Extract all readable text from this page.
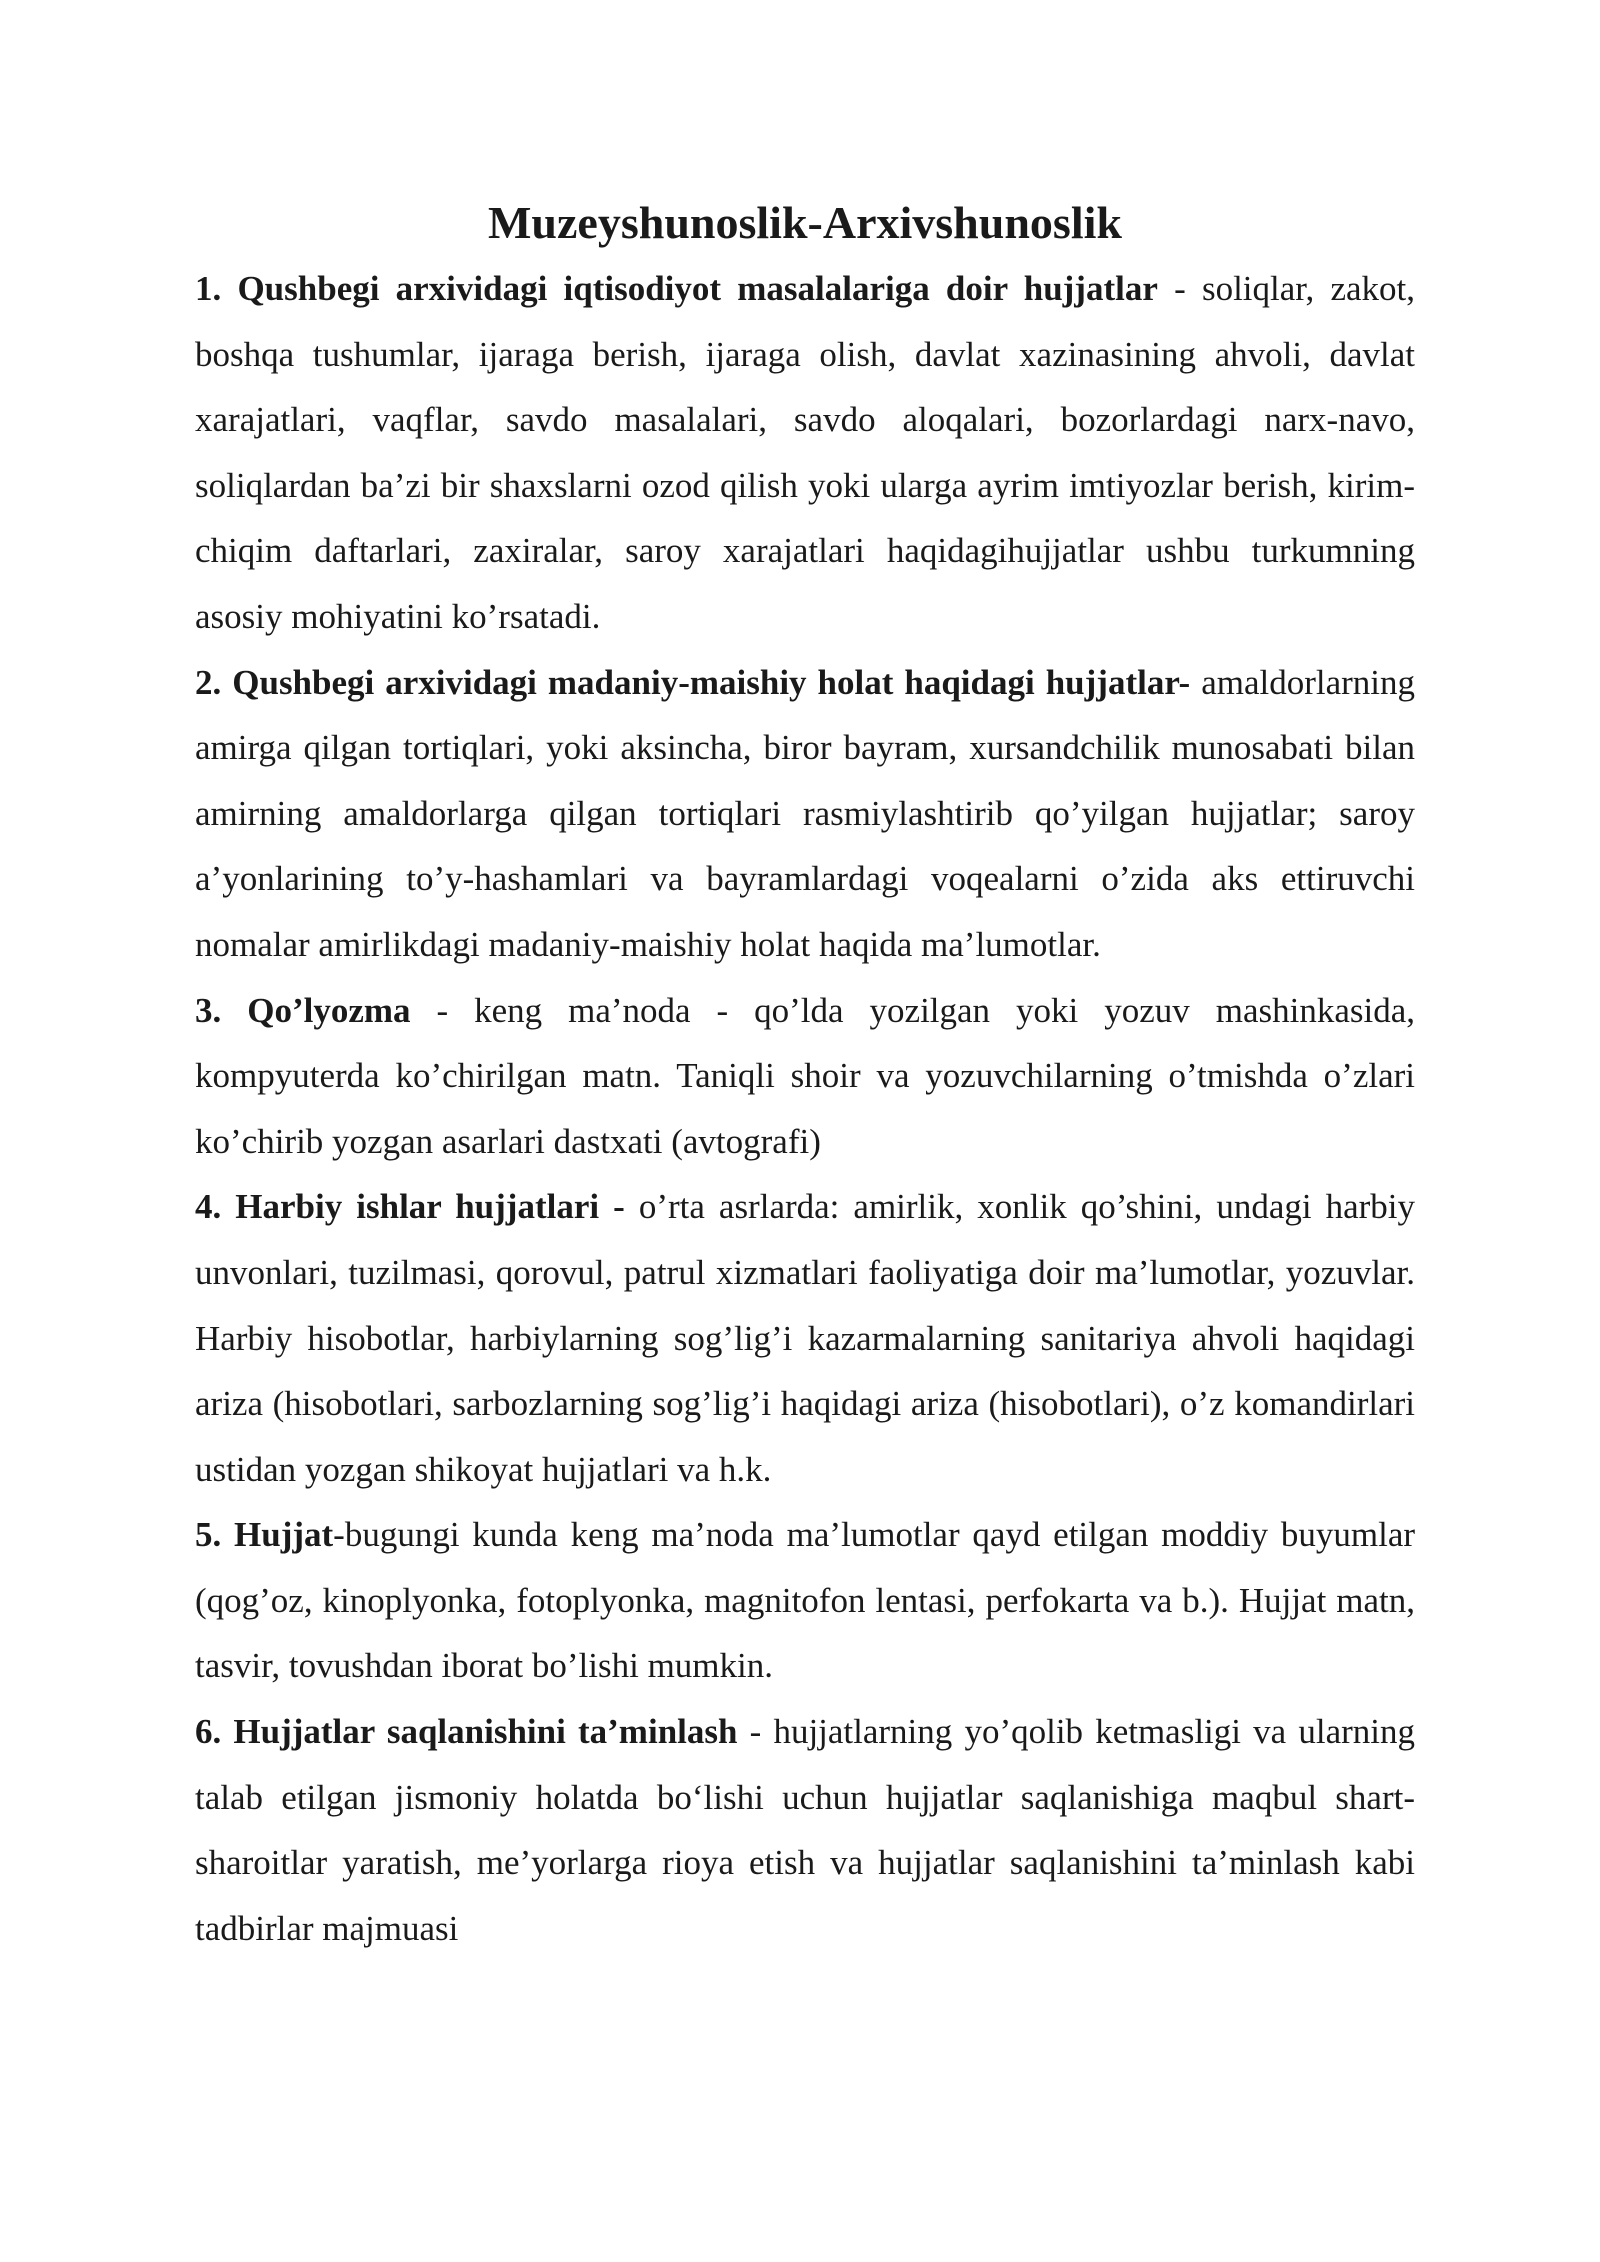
Muzeyshunoslik-Arxivshunoslik

1. Qushbegi arxividagi iqtisodiyot masalalariga doir hujjatlar - soliqlar, zakot, boshqa tushumlar, ijaraga berish, ijaraga olish, davlat xazinasining ahvoli, davlat xarajatlari, vaqflar, savdo masalalari, savdo aloqalari, bozorlardagi narx-navo, soliqlardan ba’zi bir shaxslarni ozod qilish yoki ularga ayrim imtiyozlar berish, kirim-chiqim daftarlari, zaxiralar, saroy xarajatlari haqidagihujjatlar ushbu turkumning asosiy mohiyatini ko’rsatadi.

2. Qushbegi arxividagi madaniy-maishiy holat haqidagi hujjatlar- amaldorlarning amirga qilgan tortiqlari, yoki aksincha, biror bayram, xursandchilik munosabati bilan amirning amaldorlarga qilgan tortiqlari rasmiylashtirib qo’yilgan hujjatlar; saroy a’yonlarining to’y-hashamlari va bayramlardagi voqealarni o’zida aks ettiruvchi nomalar amirlikdagi madaniy-maishiy holat haqida ma’lumotlar.

3. Qo’lyozma - keng ma’noda - qo’lda yozilgan yoki yozuv mashinkasida, kompyuterda ko’chirilgan matn. Taniqli shoir va yozuvchilarning o’tmishda o’zlari ko’chirib yozgan asarlari dastxati (avtografi)

4. Harbiy ishlar hujjatlari - o’rta asrlarda: amirlik, xonlik qo’shini, undagi harbiy unvonlari, tuzilmasi, qorovul, patrul xizmatlari faoliyatiga doir ma’lumotlar, yozuvlar. Harbiy hisobotlar, harbiylarning sog’lig’i kazarmalarning sanitariya ahvoli haqidagi ariza (hisobotlari, sarbozlarning sog’lig’i haqidagi ariza (hisobotlari), o’z komandirlari ustidan yozgan shikoyat hujjatlari va h.k.

5. Hujjat-bugungi kunda keng ma’noda ma’lumotlar qayd etilgan moddiy buyumlar (qog’oz, kinoplyonka, fotoplyonka, magnitofon lentasi, perfokarta va b.). Hujjat matn, tasvir, tovushdan iborat bo’lishi mumkin.

6. Hujjatlar saqlanishini ta’minlash - hujjatlarning yo’qolib ketmasligi va ularning talab etilgan jismoniy holatda bo‘lishi uchun hujjatlar saqlanishiga maqbul shart-sharoitlar yaratish, me’yorlarga rioya etish va hujjatlar saqlanishini ta’minlash kabi tadbirlar majmuasi
